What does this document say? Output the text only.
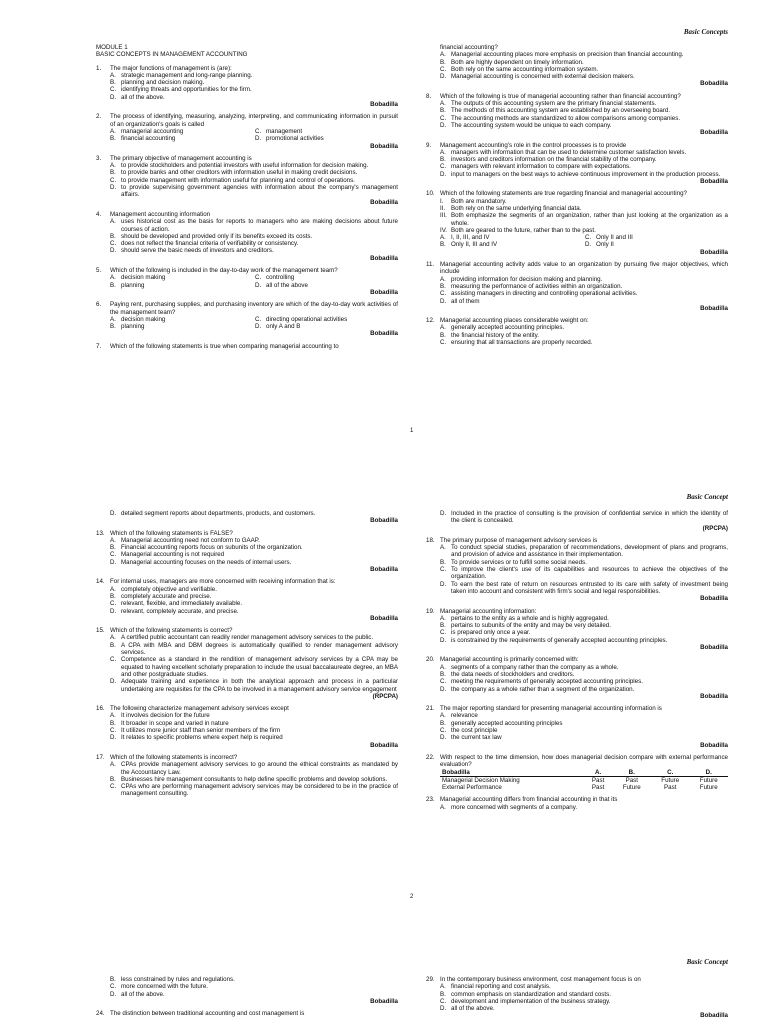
Basic Concepts
MODULE 1
BASIC CONCEPTS IN MANAGEMENT ACCOUNTING
1.	The major functions of management is (are):
A. strategic management and long-range planning.
B. planning and decision making.
C. identifying threats and opportunities for the firm.
D. all of the above.
Bobadilla
2.	The process of identifying, measuring, analyzing, interpreting, and communicating information in pursuit of an organization's goals is called
A. managerial accounting	C. management
B. financial accounting	D. promotional activities
Bobadilla
3.	The primary objective of management accounting is
A. to provide stockholders and potential investors with useful information for decision making.
B. to provide banks and other creditors with information useful in making credit decisions.
C. to provide management with information useful for planning and control of operations.
D. to provide supervising government agencies with information about the company's management affairs.
Bobadilla
4.	Management accounting information
A. uses historical cost as the basis for reports to managers who are making decisions about future courses of action.
B. should be developed and provided only if its benefits exceed its costs.
C. does not reflect the financial criteria of verifiability or consistency.
D. should serve the basic needs of investors and creditors.
Bobadilla
5.	Which of the following is included in the day-to-day work of the management team?
A. decision making	C. controlling
B. planning	D. all of the above
Bobadilla
6.	Paying rent, purchasing supplies, and purchasing inventory are which of the day-to-day work activities of the management team?
A. decision making	C. directing operational activities
B. planning	D. only A and B
Bobadilla
7.	Which of the following statements is true when comparing managerial accounting to
financial accounting?
A. Managerial accounting places more emphasis on precision than financial accounting.
B. Both are highly dependent on timely information.
C. Both rely on the same accounting information system.
D. Managerial accounting is concerned with external decision makers.
Bobadilla
8.	Which of the following is true of managerial accounting rather than financial accounting?
A. The outputs of this accounting system are the primary financial statements.
B. The methods of this accounting system are established by an overseeing board.
C. The accounting methods are standardized to allow comparisons among companies.
D. The accounting system would be unique to each company.
Bobadilla
9.	Management accounting's role in the control processes is to provide
A. managers with information that can be used to determine customer satisfaction levels.
B. investors and creditors information on the financial stability of the company.
C. managers with relevant information to compare with expectations.
D. input to managers on the best ways to achieve continuous improvement in the production process.
Bobadilla
10. Which of the following statements are true regarding financial and managerial accounting?
I.	Both are mandatory.
II. Both rely on the same underlying financial data.
III. Both emphasize the segments of an organization, rather than just looking at the organization as a whole.
IV. Both are geared to the future, rather than to the past.
A. I, II, III, and IV	C. Only II and III
B. Only II, III and IV	D. Only II
Bobadilla
11. Managerial accounting activity adds value to an organization by pursuing five major objectives, which include
A. providing information for decision making and planning.
B. measuring the performance of activities within an organization.
C. assisting managers in directing and controlling operational activities.
D. all of them
Bobadilla
12. Managerial accounting places considerable weight on:
A. generally accepted accounting principles.
B. the financial history of the entity.
C. ensuring that all transactions are properly recorded.
1
Basic Concept
D. detailed segment reports about departments, products, and customers.
Bobadilla
13. Which of the following statements is FALSE?
A. Managerial accounting need not conform to GAAP.
B. Financial accounting reports focus on subunits of the organization.
C. Managerial accounting is not required
D. Managerial accounting focuses on the needs of internal users.
Bobadilla
14. For internal uses, managers are more concerned with receiving information that is:
A. completely objective and verifiable.
B. completely accurate and precise.
C. relevant, flexible, and immediately available.
D. relevant, completely accurate, and precise.
Bobadilla
15. Which of the following statements is correct?
A. A certified public accountant can readily render management advisory services to the public.
B. A CPA with MBA and DBM degrees is automatically qualified to render management advisory services.
C. Competence as a standard in the rendition of management advisory services by a CPA may be equated to having excellent scholarly preparation to include the usual baccalaureate degree, an MBA and other postgraduate studies.
D. Adequate training and experience in both the analytical approach and process in a particular undertaking are requisites for the CPA to be involved in a management advisory service engagement
(RPCPA)
16. The following characterize management advisory services except
A. It involves decision for the future
B. It broader in scope and varied in nature
C. It utilizes more junior staff than senior members of the firm
D. It relates to specific problems where expert help is required
Bobadilla
17. Which of the following statements is incorrect?
A. CPAs provide management advisory services to go around the ethical constraints as mandated by the Accountancy Law.
B. Businesses hire management consultants to help define specific problems and develop solutions.
C. CPAs who are performing management advisory services may be considered to be in the practice of management consulting.
D. Included in the practice of consulting is the provision of confidential service in which the identity of the client is concealed.
(RPCPA)
18. The primary purpose of management advisory services is
A. To conduct special studies, preparation of recommendations, development of plans and programs, and provision of advice and assistance in their implementation.
B. To provide services or to fulfill some social needs.
C. To improve the client's use of its capabilities and resources to achieve the objectives of the organization.
D. To earn the best rate of return on resources entrusted to its care with safety of investment being taken into account and consistent with firm's social and legal responsibilities.
Bobadilla
19. Managerial accounting information:
A. pertains to the entity as a whole and is highly aggregated.
B. pertains to subunits of the entity and may be very detailed.
C. is prepared only once a year.
D. is constrained by the requirements of generally accepted accounting principles.
Bobadilla
20. Managerial accounting is primarily concerned with:
A. segments of a company rather than the company as a whole.
B. the data needs of stockholders and creditors.
C. meeting the requirements of generally accepted accounting principles.
D. the company as a whole rather than a segment of the organization.
Bobadilla
21. The major reporting standard for presenting managerial accounting information is
A. relevance
B. generally accepted accounting principles
C. the cost principle
D. the current tax law
Bobadilla
22. With respect to the time dimension, how does managerial decision compare with external performance evaluation?
Bobadilla	A.	B.	C.	D.
Managerial Decision Making	Past	Past	Future	Future
External Performance	Past	Future	Past	Future
23. Managerial accounting differs from financial accounting in that its
A. more concerned with segments of a company.
2
Basic Concept
B. less constrained by rules and regulations.
C. more concerned with the future.
D. all of the above.
Bobadilla
24. The distinction between traditional accounting and cost management is
29. In the contemporary business environment, cost management focus is on
A. financial reporting and cost analysis.
B. common emphasis on standardization and standard costs.
C. development and implementation of the business strategy.
D. all of the above.
Bobadilla
